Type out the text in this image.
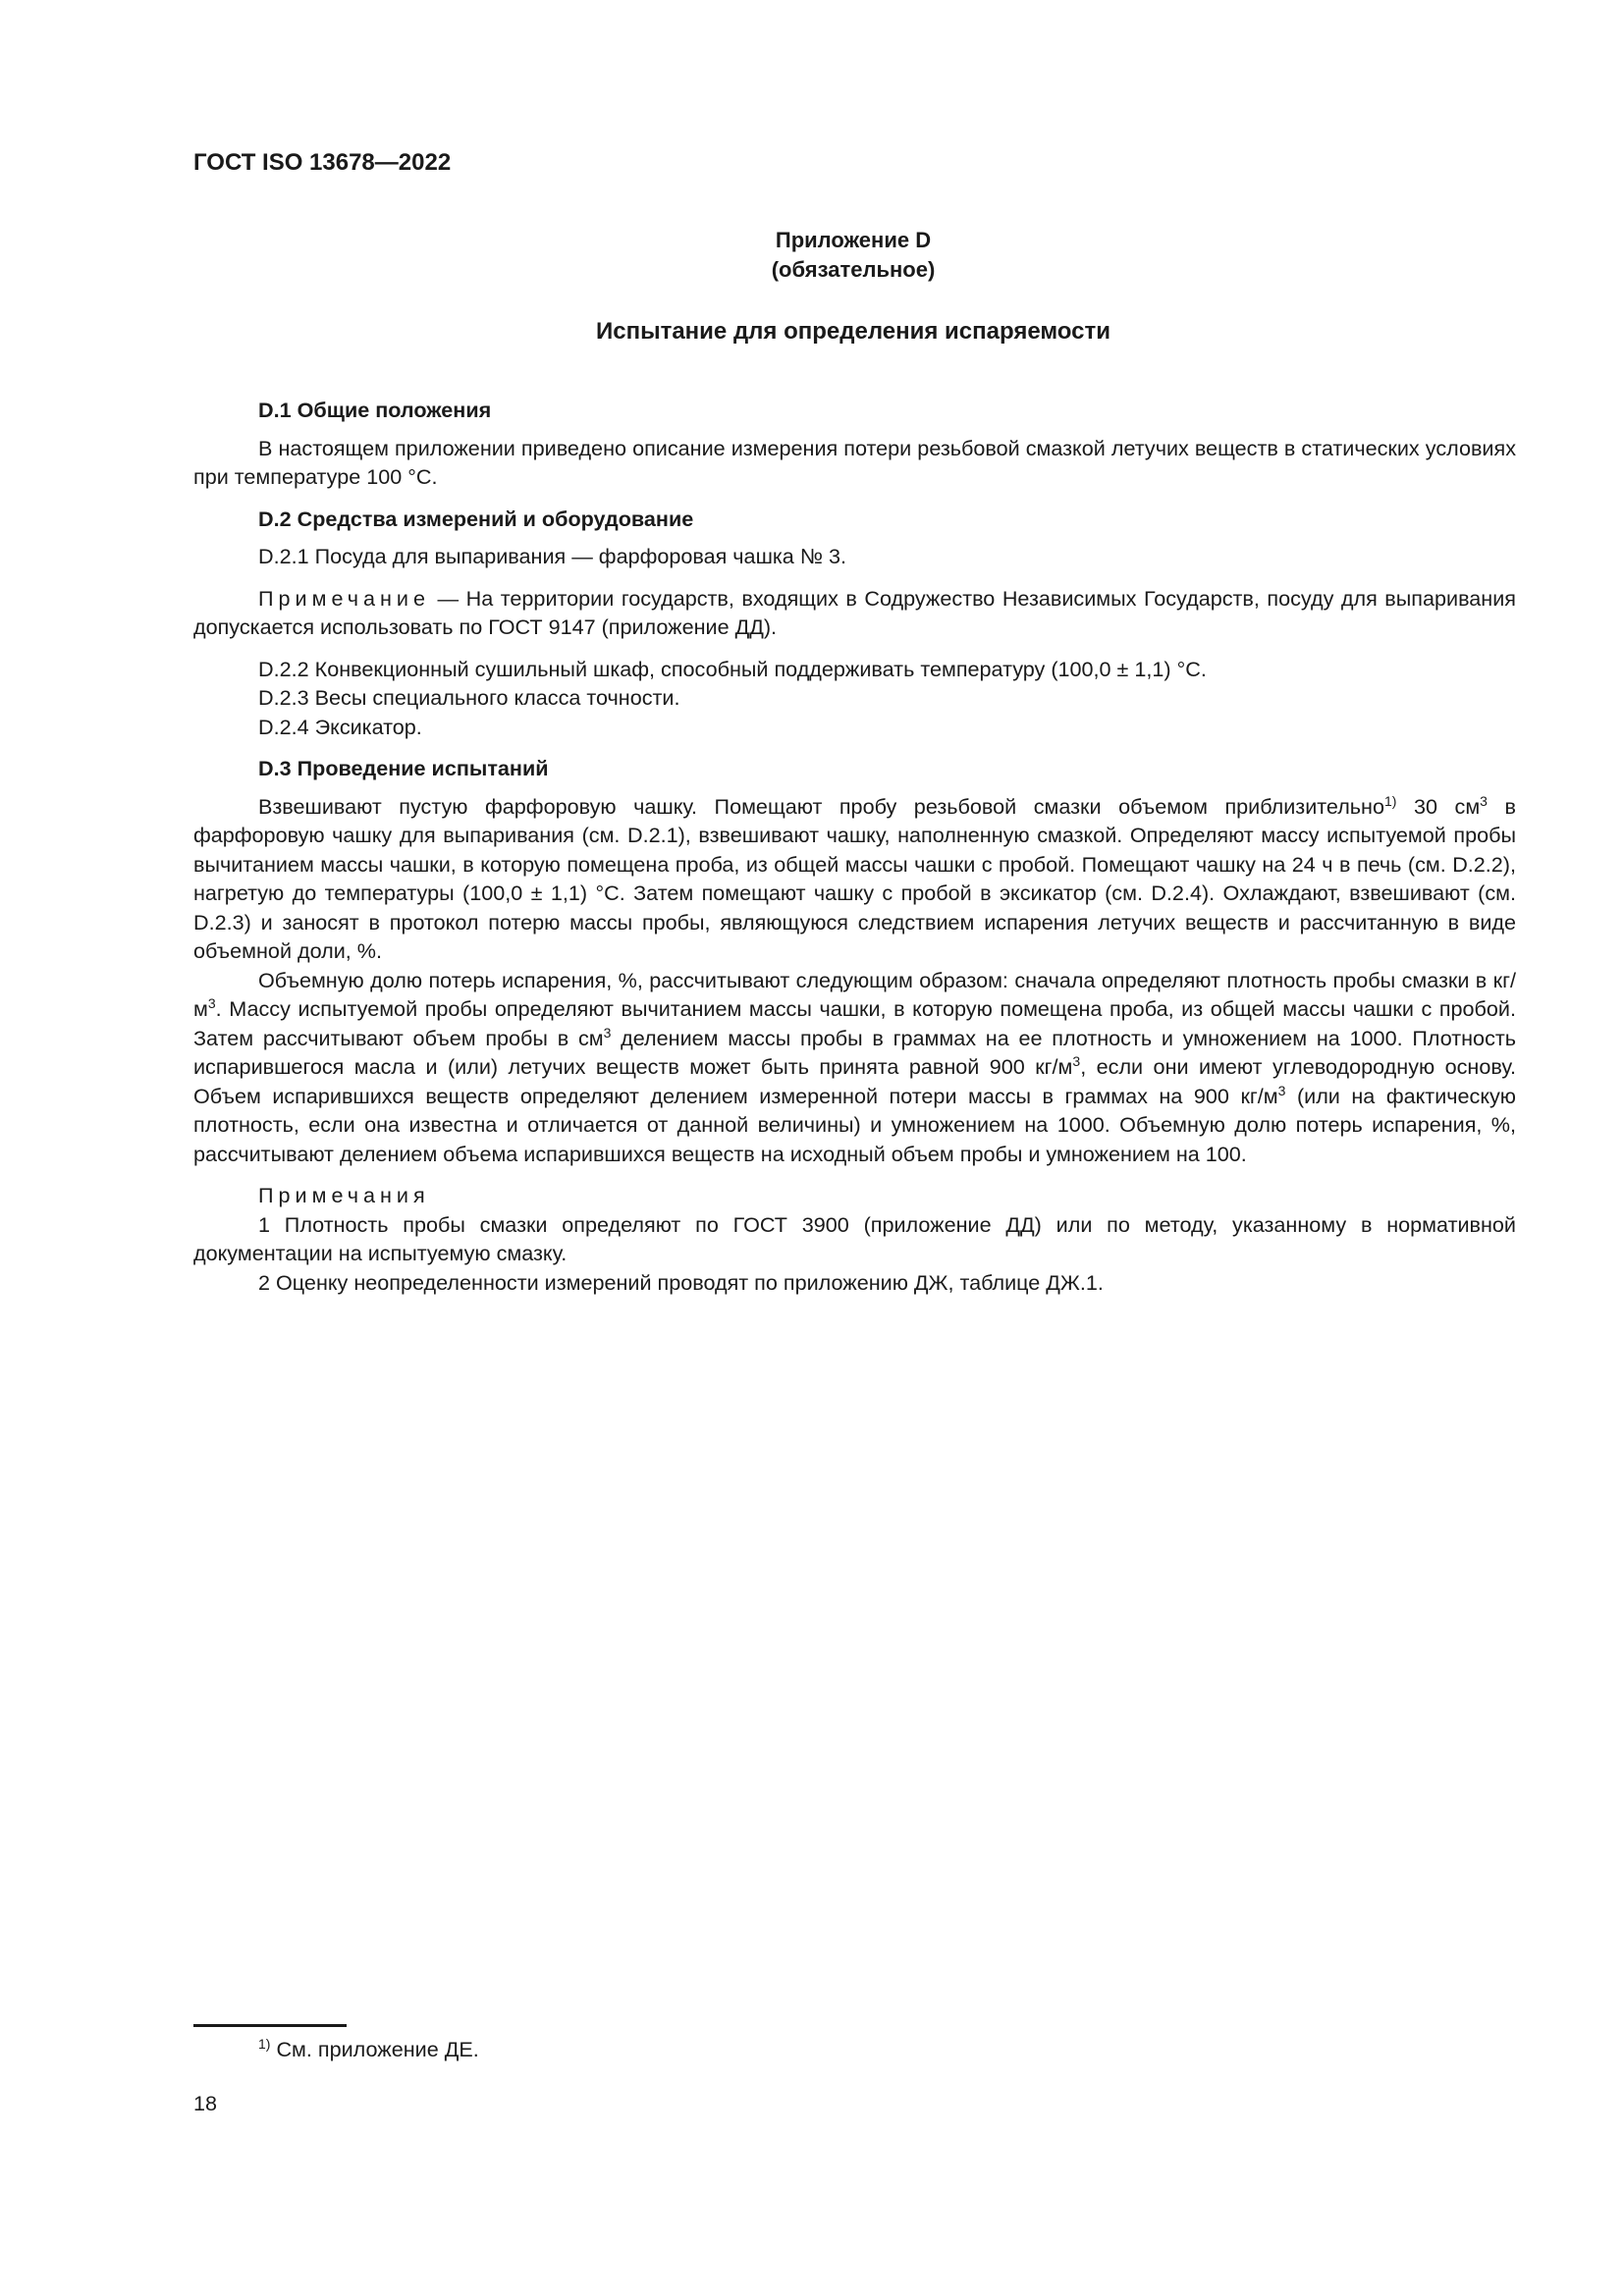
ГОСТ ISO 13678—2022
Приложение D
(обязательное)
Испытание для определения испаряемости

D.1 Общие положения

В настоящем приложении приведено описание измерения потери резьбовой смазкой летучих веществ в статических условиях при температуре 100 °С.

D.2 Средства измерений и оборудование

D.2.1 Посуда для выпаривания — фарфоровая чашка № 3.

Примечание — На территории государств, входящих в Содружество Независимых Государств, посуду для выпаривания допускается использовать по ГОСТ 9147 (приложение ДД).

D.2.2 Конвекционный сушильный шкаф, способный поддерживать температуру (100,0 ± 1,1) °С.

D.2.3 Весы специального класса точности.

D.2.4 Эксикатор.

D.3 Проведение испытаний

Взвешивают пустую фарфоровую чашку. Помещают пробу резьбовой смазки объемом приблизительно$^{1)}$ 30 $см^3$ в фарфоровую чашку для выпаривания (см. D.2.1), взвешивают чашку, наполненную смазкой. Определяют массу испытуемой пробы вычитанием массы чашки, в которую помещена проба, из общей массы чашки с пробой. Помещают чашку на 24 ч в печь (см. D.2.2), нагретую до температуры (100,0 ± 1,1) °С. Затем помещают чашку с пробой в эксикатор (см. D.2.4). Охлаждают, взвешивают (см. D.2.3) и заносят в протокол потерю массы пробы, являющуюся следствием испарения летучих веществ и рассчитанную в виде объемной доли, %.

Объемную долю потерь испарения, %, рассчитывают следующим образом: сначала определяют плотность пробы смазки в $кг/м^3$. Массу испытуемой пробы определяют вычитанием массы чашки, в которую помещена проба, из общей массы чашки с пробой. Затем рассчитывают объем пробы в $см^3$ делением массы пробы в граммах на ее плотность и умножением на 1000. Плотность испарившегося масла и (или) летучих веществ может быть принята равной 900 $кг/м^3$, если они имеют углеводородную основу. Объем испарившихся веществ определяют делением измеренной потери массы в граммах на 900 $кг/м^3$ (или на фактическую плотность, если она известна и отличается от данной величины) и умножением на 1000. Объемную долю потерь испарения, %, рассчитывают делением объема испарившихся веществ на исходный объем пробы и умножением на 100.

Примечания

1 Плотность пробы смазки определяют по ГОСТ 3900 (приложение ДД) или по методу, указанному в нормативной документации на испытуемую смазку.

2 Оценку неопределенности измерений проводят по приложению ДЖ, таблице ДЖ.1.

$^{1)}$ См. приложение ДЕ.
18
